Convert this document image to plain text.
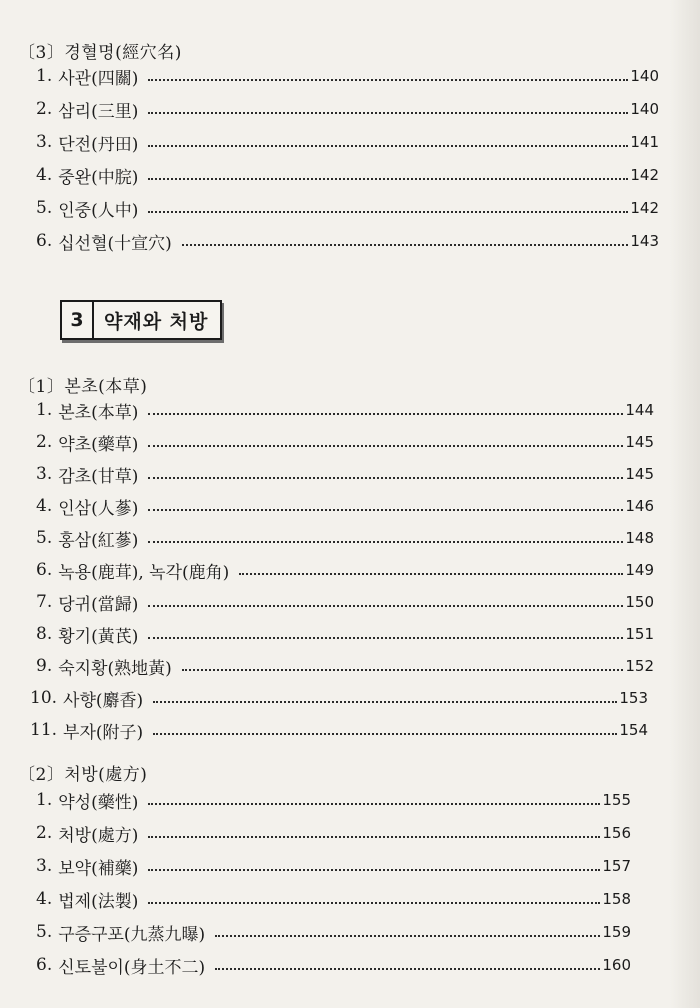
〔3〕경혈명(經穴名)
1. 사관(四關)	140
2. 삼리(三里)	140
3. 단전(丹田)	141
4. 중완(中脘)	142
5. 인중(人中)	142
6. 십선혈(十宣穴)	143
3	약재와 처방
〔1〕본초(本草)
1. 본초(本草)	144
2. 약초(藥草)	145
3. 감초(甘草)	145
4. 인삼(人蔘)	146
5. 홍삼(紅蔘)	148
6. 녹용(鹿茸), 녹각(鹿角)	149
7. 당귀(當歸)	150
8. 황기(黃芪)	151
9. 숙지황(熟地黃)	152
10. 사향(麝香)	153
11. 부자(附子)	154
〔2〕처방(處方)
1. 약성(藥性)	155
2. 처방(處方)	156
3. 보약(補藥)	157
4. 법제(法製)	158
5. 구증구포(九蒸九曝)	159
6. 신토불이(身土不二)	160
